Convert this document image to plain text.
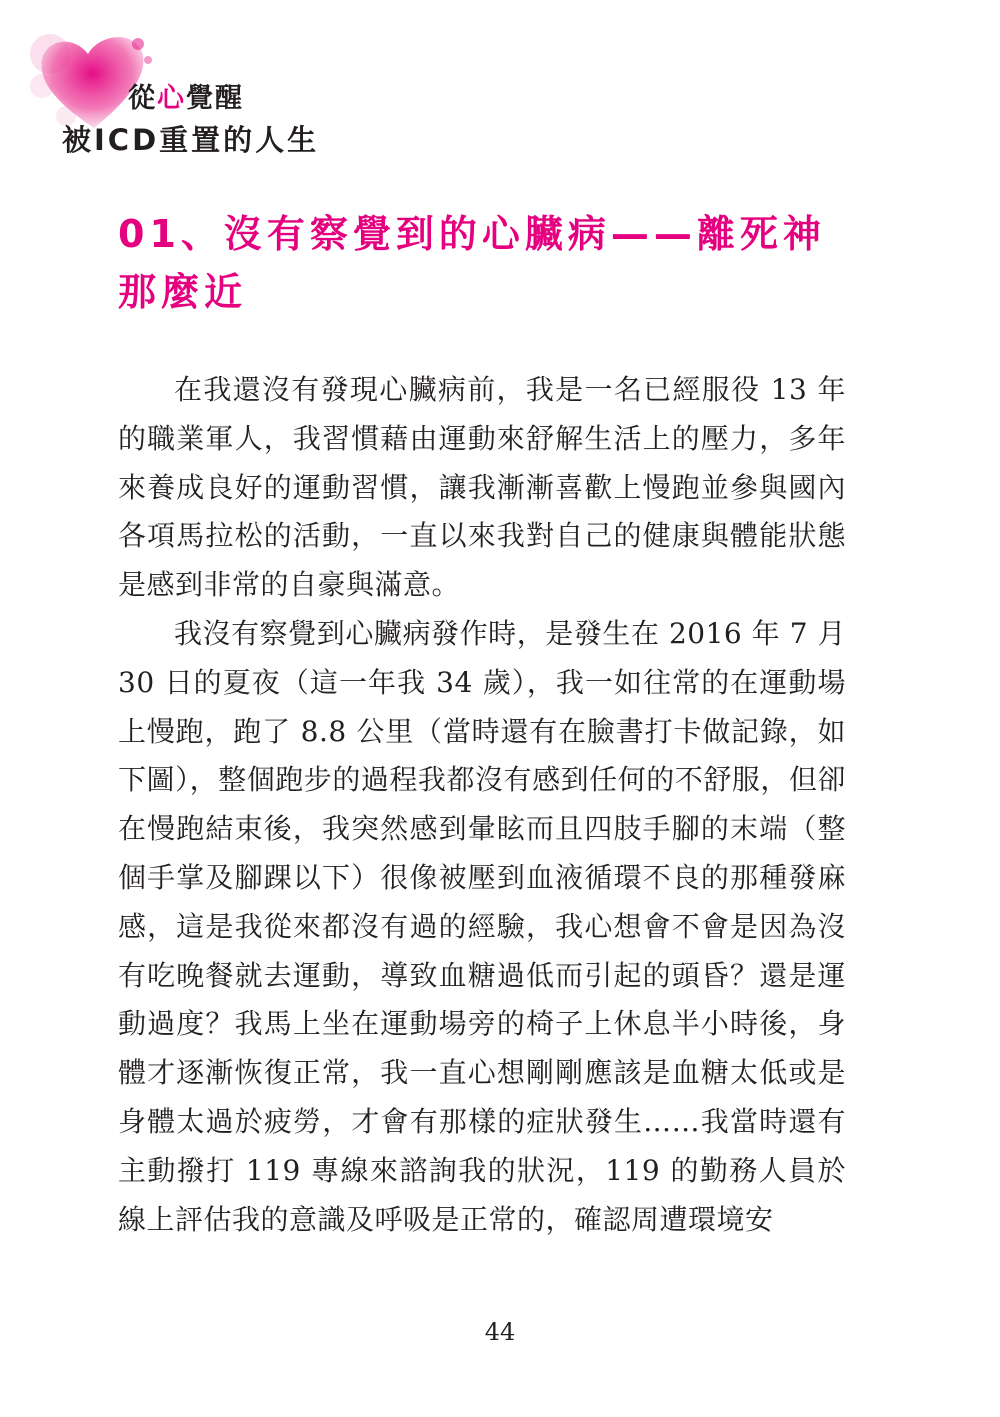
從心覺醒
被ICD重置的人生
01、沒有察覺到的心臟病——離死神那麼近

在我還沒有發現心臟病前，我是一名已經服役 13 年的職業軍人，我習慣藉由運動來舒解生活上的壓力，多年來養成良好的運動習慣，讓我漸漸喜歡上慢跑並參與國內各項馬拉松的活動，一直以來我對自己的健康與體能狀態是感到非常的自豪與滿意。

我沒有察覺到心臟病發作時，是發生在 2016 年 7 月 30 日的夏夜（這一年我 34 歲），我一如往常的在運動場上慢跑，跑了 8.8 公里（當時還有在臉書打卡做記錄，如下圖），整個跑步的過程我都沒有感到任何的不舒服，但卻在慢跑結束後，我突然感到暈眩而且四肢手腳的末端（整個手掌及腳踝以下）很像被壓到血液循環不良的那種發麻感，這是我從來都沒有過的經驗，我心想會不會是因為沒有吃晚餐就去運動，導致血糖過低而引起的頭昏？還是運動過度？我馬上坐在運動場旁的椅子上休息半小時後，身體才逐漸恢復正常，我一直心想剛剛應該是血糖太低或是身體太過於疲勞，才會有那樣的症狀發生……我當時還有主動撥打 119 專線來諮詢我的狀況，119 的勤務人員於線上評估我的意識及呼吸是正常的，確認周遭環境安

44
